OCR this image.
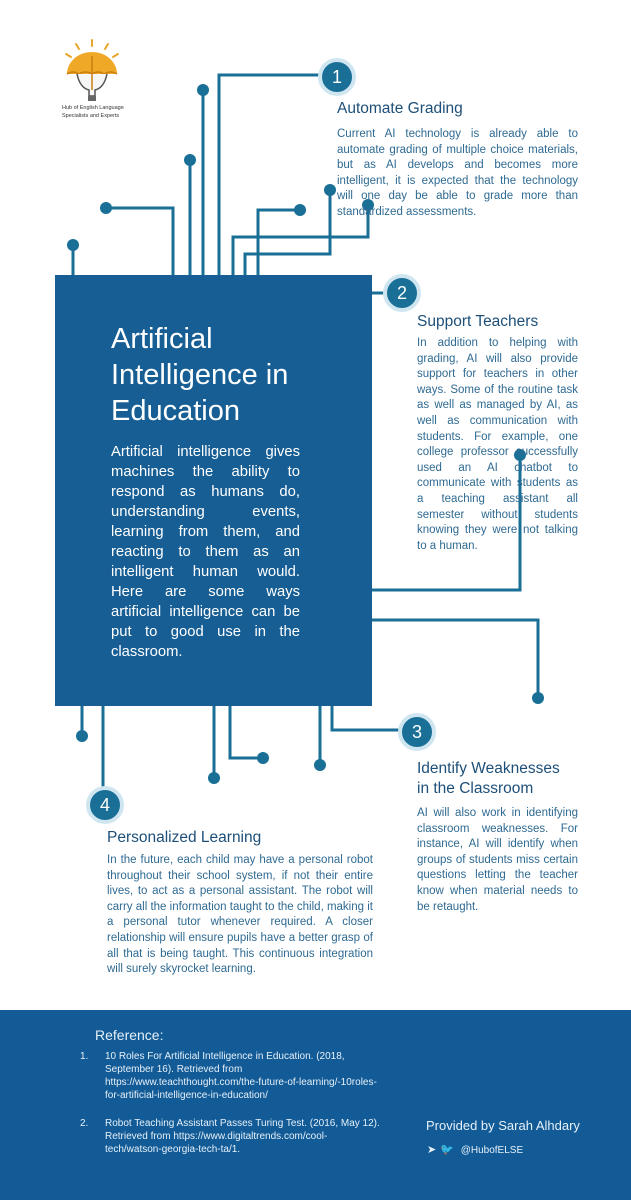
Hub of English Language
Specialists and Experts
Artificial Intelligence in Education

Artificial intelligence gives machines the ability to respond as humans do, understanding events, learning from them, and reacting to them as an intelligent human would. Here are some ways artificial intelligence can be put to good use in the classroom.

1
Automate Grading

Current AI technology is already able to automate grading of multiple choice materials, but as AI develops and becomes more intelligent, it is expected that the technology will one day be able to grade more than standardized assessments.

2
Support Teachers

In addition to helping with grading, AI will also provide support for teachers in other ways. Some of the routine task as well as managed by AI, as well as communication with students. For example, one college professor successfully used an AI chatbot to communicate with students as a teaching assistant all semester without students knowing they were not talking to a human.

3
Identify Weaknesses
in the Classroom

AI will also work in identifying classroom weaknesses. For instance, AI will identify when groups of students miss certain questions letting the teacher know when material needs to be retaught.

4
Personalized Learning

In the future, each child may have a personal robot throughout their school system, if not their entire lives, to act as a personal assistant. The robot will carry all the information taught to the child, making it a personal tutor whenever required. A closer relationship will ensure pupils have a better grasp of all that is being taught. This continuous integration will surely skyrocket learning.

Reference:
1. 10 Roles For Artificial Intelligence in Education. (2018, September 16). Retrieved from https://www.teachthought.com/the-future-of-learning/-10roles-for-artificial-intelligence-in-education/
2. Robot Teaching Assistant Passes Turing Test. (2016, May 12). Retrieved from https://www.digitaltrends.com/cool-tech/watson-georgia-tech-ta/1.
Provided by Sarah Alhdary
➤ 🐦 @HubofELSE
